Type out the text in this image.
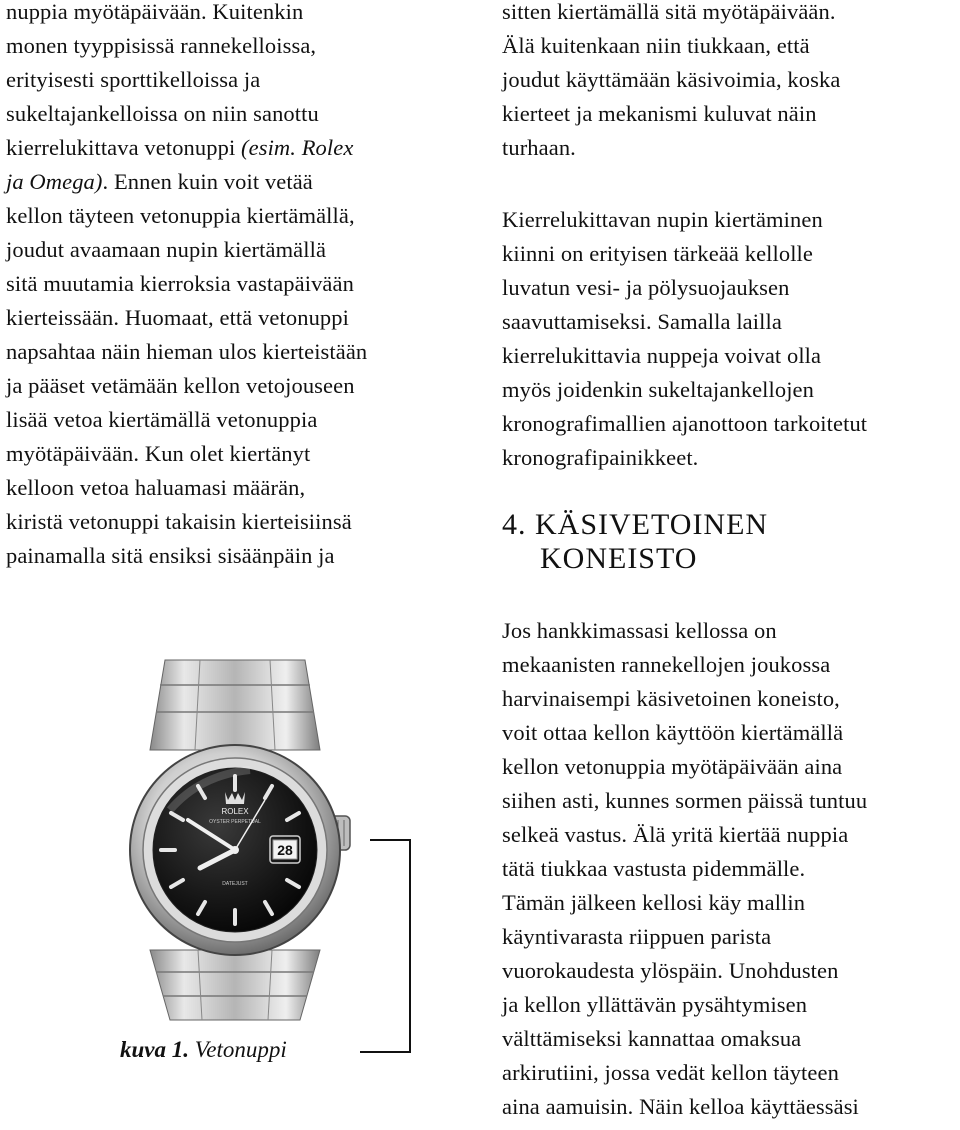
nuppia myötäpäivään. Kuitenkin
monen tyyppisissä rannekelloissa,
erityisesti sporttikelloissa ja
sukeltajankelloissa on niin sanottu
kierrelukittava vetonuppi (esim. Rolex
ja Omega). Ennen kuin voit vetää
kellon täyteen vetonuppia kiertämällä,
joudut avaamaan nupin kiertämällä
sitä muutamia kierroksia vastapäivään
kierteissään. Huomaat, että vetonuppi
napsahtaa näin hieman ulos kierteistään
ja pääset vetämään kellon vetojouseen
lisää vetoa kiertämällä vetonuppia
myötäpäivään. Kun olet kiertänyt
kelloon vetoa haluamasi määrän,
kiristä vetonuppi takaisin kierteisiinsä
painamalla sitä ensiksi sisäänpäin ja

ROLEX
OYSTER PERPETUAL
DATEJUST
28
kuva 1. Vetonuppi

sitten kiertämällä sitä myötäpäivään.
Älä kuitenkaan niin tiukkaan, että
joudut käyttämään käsivoimia, koska
kierteet ja mekanismi kuluvat näin
turhaan.

Kierrelukittavan nupin kiertäminen
kiinni on erityisen tärkeää kellolle
luvatun vesi- ja pölysuojauksen
saavuttamiseksi. Samalla lailla
kierrelukittavia nuppeja voivat olla
myös joidenkin sukeltajankellojen
kronografimallien ajanottoon tarkoitetut
kronografipainikkeet.

4. KÄSIVETOINEN
KONEISTO

Jos hankkimassasi kellossa on
mekaanisten rannekellojen joukossa
harvinaisempi käsivetoinen koneisto,
voit ottaa kellon käyttöön kiertämällä
kellon vetonuppia myötäpäivään aina
siihen asti, kunnes sormen päissä tuntuu
selkeä vastus. Älä yritä kiertää nuppia
tätä tiukkaa vastusta pidemmälle.
Tämän jälkeen kellosi käy mallin
käyntivarasta riippuen parista
vuorokaudesta ylöspäin. Unohdusten
ja kellon yllättävän pysähtymisen
välttämiseksi kannattaa omaksua
arkirutiini, jossa vedät kellon täyteen
aina aamuisin. Näin kelloa käyttäessäsi
